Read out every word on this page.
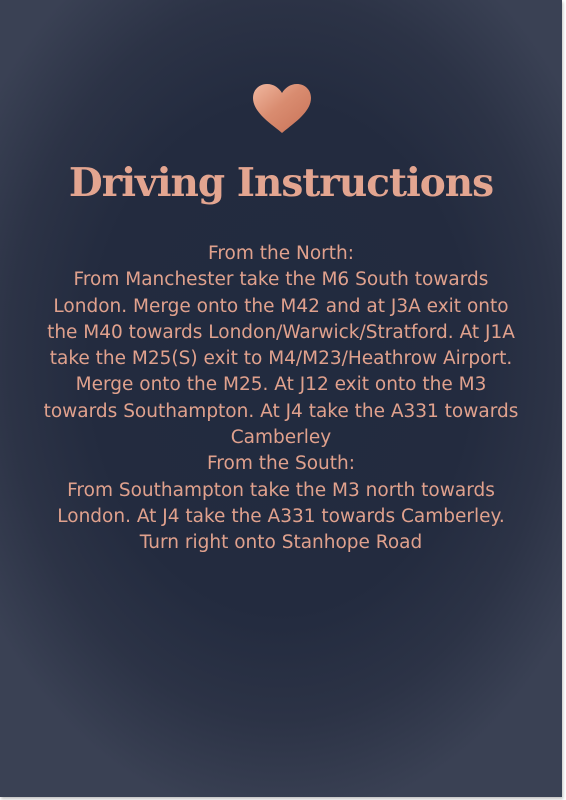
Driving Instructions

From the North:

From Manchester take the M6 South towards London. Merge onto the M42 and at J3A exit onto the M40 towards London/Warwick/Stratford. At J1A take the M25(S) exit to M4/M23/Heathrow Airport. Merge onto the M25. At J12 exit onto the M3 towards Southampton. At J4 take the A331 towards Camberley

From the South:

From Southampton take the M3 north towards London. At J4 take the A331 towards Camberley. Turn right onto Stanhope Road
